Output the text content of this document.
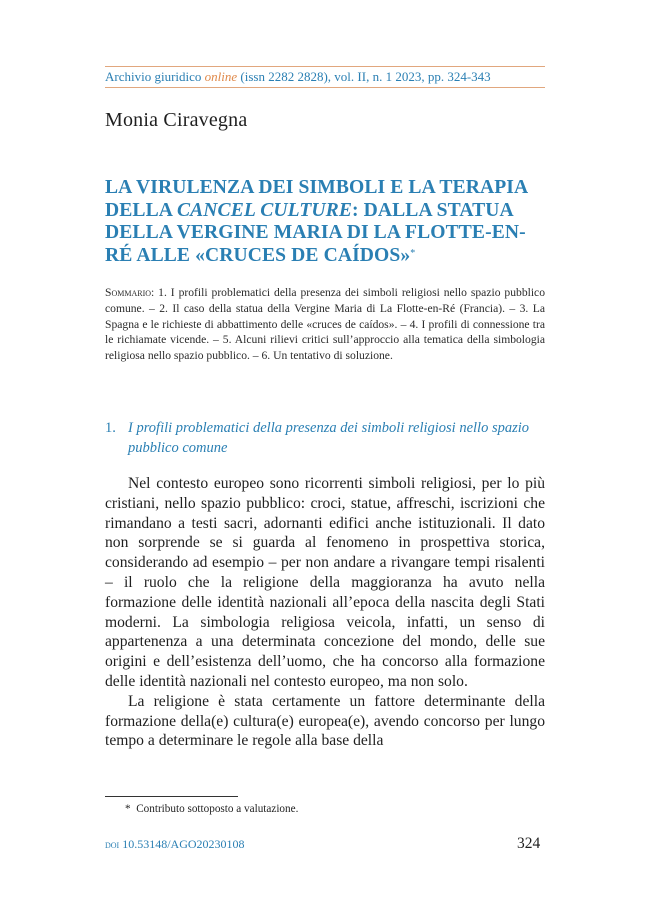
Archivio giuridico online (issn 2282 2828), vol. II, n. 1 2023, pp. 324-343
Monia Ciravegna
LA VIRULENZA DEI SIMBOLI E LA TERAPIA DELLA CANCEL CULTURE: DALLA STATUA DELLA VERGINE MARIA DI LA FLOTTE-EN-RÉ ALLE «CRUCES DE CAÍDOS»*
Sommario: 1. I profili problematici della presenza dei simboli religiosi nello spazio pubblico comune. – 2. Il caso della statua della Vergine Maria di La Flotte-en-Ré (Francia). – 3. La Spagna e le richieste di abbattimento delle «cruces de caídos». – 4. I profili di connessione tra le richiamate vicende. – 5. Alcuni rilievi critici sull’approccio alla tematica della simbologia religiosa nello spazio pubblico. – 6. Un tentativo di soluzione.
1. I profili problematici della presenza dei simboli religiosi nello spazio pubblico comune

Nel contesto europeo sono ricorrenti simboli religiosi, per lo più cristiani, nello spazio pubblico: croci, statue, affreschi, iscrizioni che rimandano a testi sacri, adornanti edifici anche istituzionali. Il dato non sorprende se si guarda al fenomeno in prospettiva storica, considerando ad esempio – per non andare a rivangare tempi risalenti – il ruolo che la religione della maggioranza ha avuto nella formazione delle identità nazionali all’epoca della nascita degli Stati moderni. La simbologia religiosa veicola, infatti, un senso di appartenenza a una determinata concezione del mondo, delle sue origini e dell’esistenza dell’uomo, che ha concorso alla formazione delle identità nazionali nel contesto europeo, ma non solo.

La religione è stata certamente un fattore determinante della formazione della(e) cultura(e) europea(e), avendo concorso per lungo tempo a determinare le regole alla base della

* Contributo sottoposto a valutazione.
doi 10.53148/AGO20230108	324
